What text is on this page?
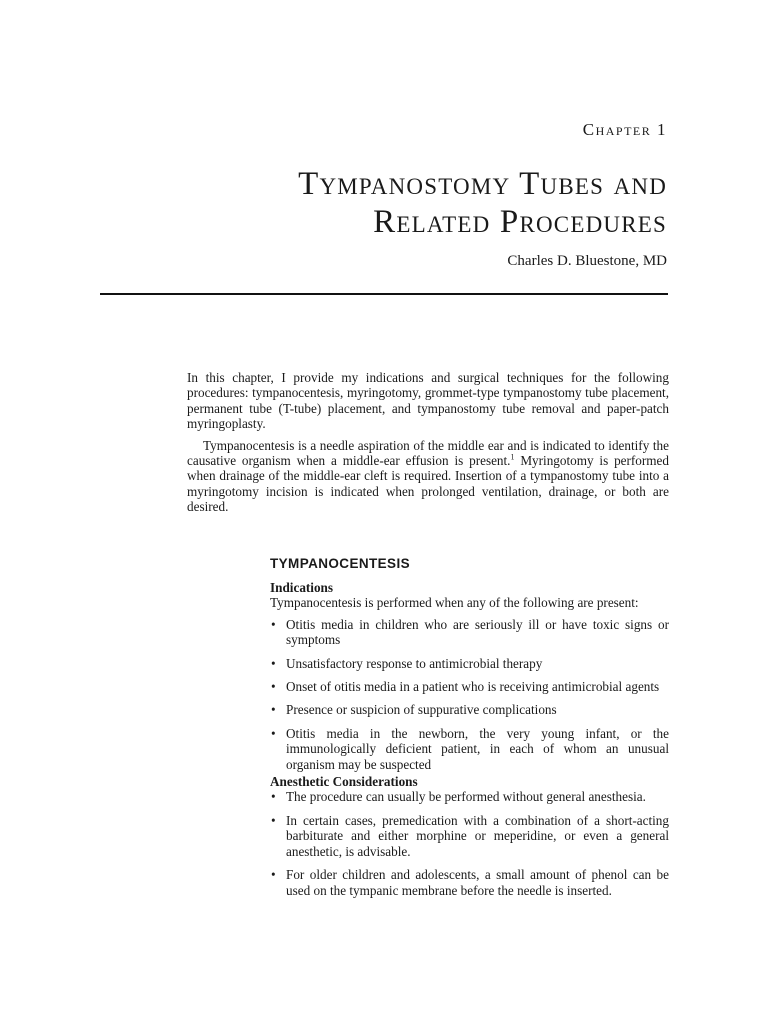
Chapter 1
Tympanostomy Tubes and
Related Procedures
Charles D. Bluestone, MD

In this chapter, I provide my indications and surgical techniques for the following procedures: tympanocentesis, myringotomy, grommet-type tympanostomy tube placement, permanent tube (T-tube) placement, and tympanostomy tube removal and paper-patch myringoplasty.

Tympanocentesis is a needle aspiration of the middle ear and is indicated to identify the causative organism when a middle-ear effusion is present.$^1$ Myringotomy is performed when drainage of the middle-ear cleft is required. Insertion of a tympanostomy tube into a myringotomy incision is indicated when prolonged ventilation, drainage, or both are desired.

TYMPANOCENTESIS

Indications

Tympanocentesis is performed when any of the following are present:

• Otitis media in children who are seriously ill or have toxic signs or symptoms
• Unsatisfactory response to antimicrobial therapy
• Onset of otitis media in a patient who is receiving antimicrobial agents
• Presence or suspicion of suppurative complications
• Otitis media in the newborn, the very young infant, or the immunologically deficient patient, in each of whom an unusual organism may be suspected

Anesthetic Considerations

• The procedure can usually be performed without general anesthesia.
• In certain cases, premedication with a combination of a short-acting barbiturate and either morphine or meperidine, or even a general anesthetic, is advisable.
• For older children and adolescents, a small amount of phenol can be used on the tympanic membrane before the needle is inserted.
